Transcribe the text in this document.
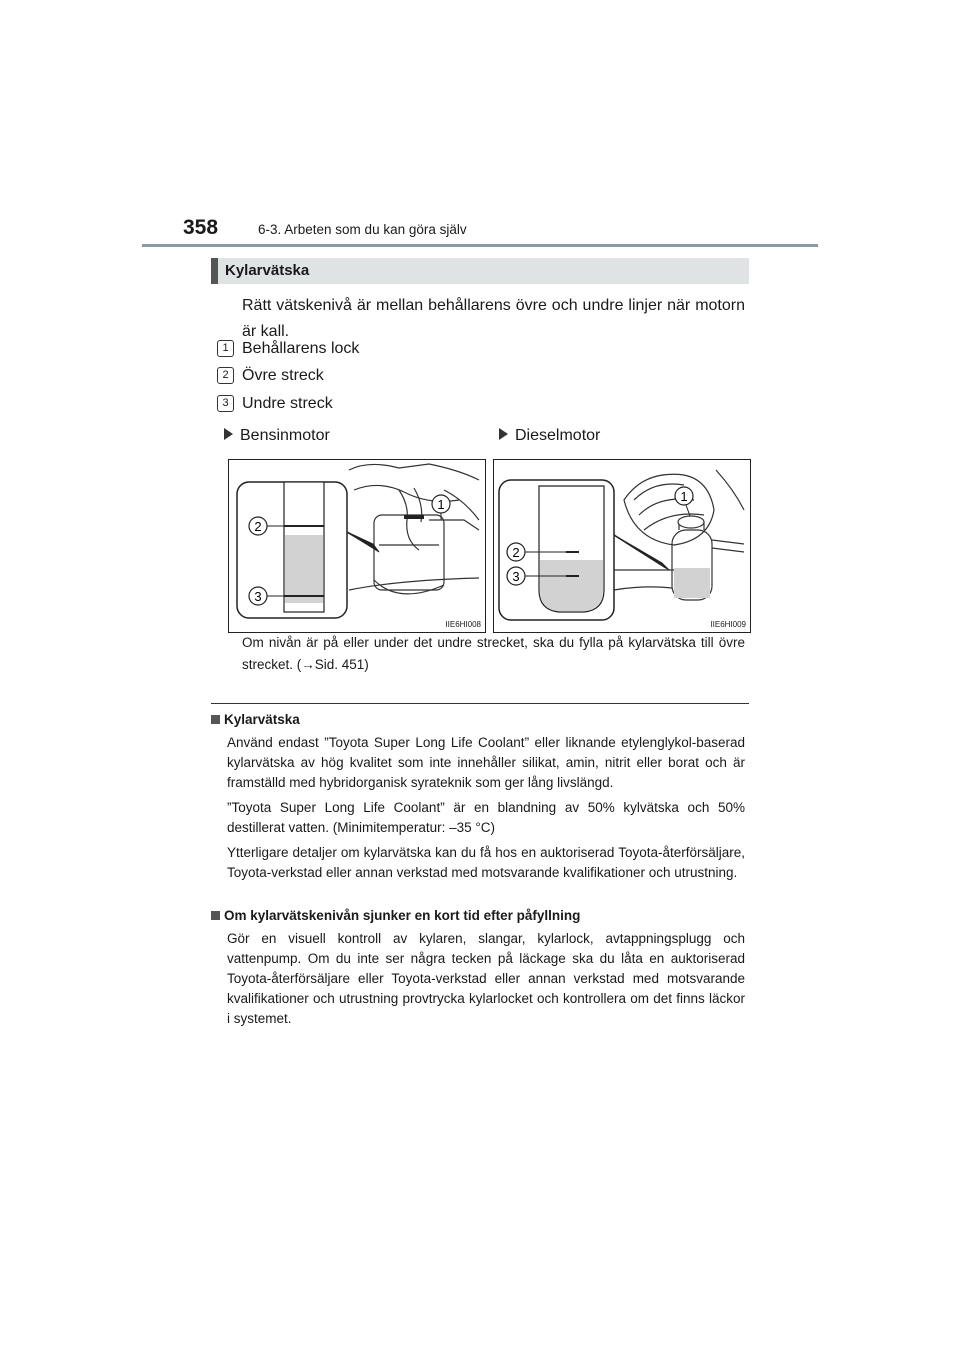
358	6-3. Arbeten som du kan göra själv
Kylarvätska
Rätt vätskenivå är mellan behållarens övre och undre linjer när motorn är kall.
1 Behållarens lock
2 Övre streck
3 Undre streck
Bensinmotor	Dieselmotor
2
3
1
IIE6HI008
2
3
1
IIE6HI009
Om nivån är på eller under det undre strecket, ska du fylla på kylarvätska till övre strecket. (→Sid. 451)
Kylarvätska
Använd endast ”Toyota Super Long Life Coolant” eller liknande etylenglykol-baserad kylarvätska av hög kvalitet som inte innehåller silikat, amin, nitrit eller borat och är framställd med hybridorganisk syrateknik som ger lång livslängd.
”Toyota Super Long Life Coolant” är en blandning av 50% kylvätska och 50% destillerat vatten. (Minimitemperatur: –35 °C)
Ytterligare detaljer om kylarvätska kan du få hos en auktoriserad Toyota-återförsäljare, Toyota-verkstad eller annan verkstad med motsvarande kvalifikationer och utrustning.
Om kylarvätskenivån sjunker en kort tid efter påfyllning
Gör en visuell kontroll av kylaren, slangar, kylarlock, avtappningsplugg och vattenpump. Om du inte ser några tecken på läckage ska du låta en auktoriserad Toyota-återförsäljare eller Toyota-verkstad eller annan verkstad med motsvarande kvalifikationer och utrustning provtrycka kylarlocket och kontrollera om det finns läckor i systemet.
